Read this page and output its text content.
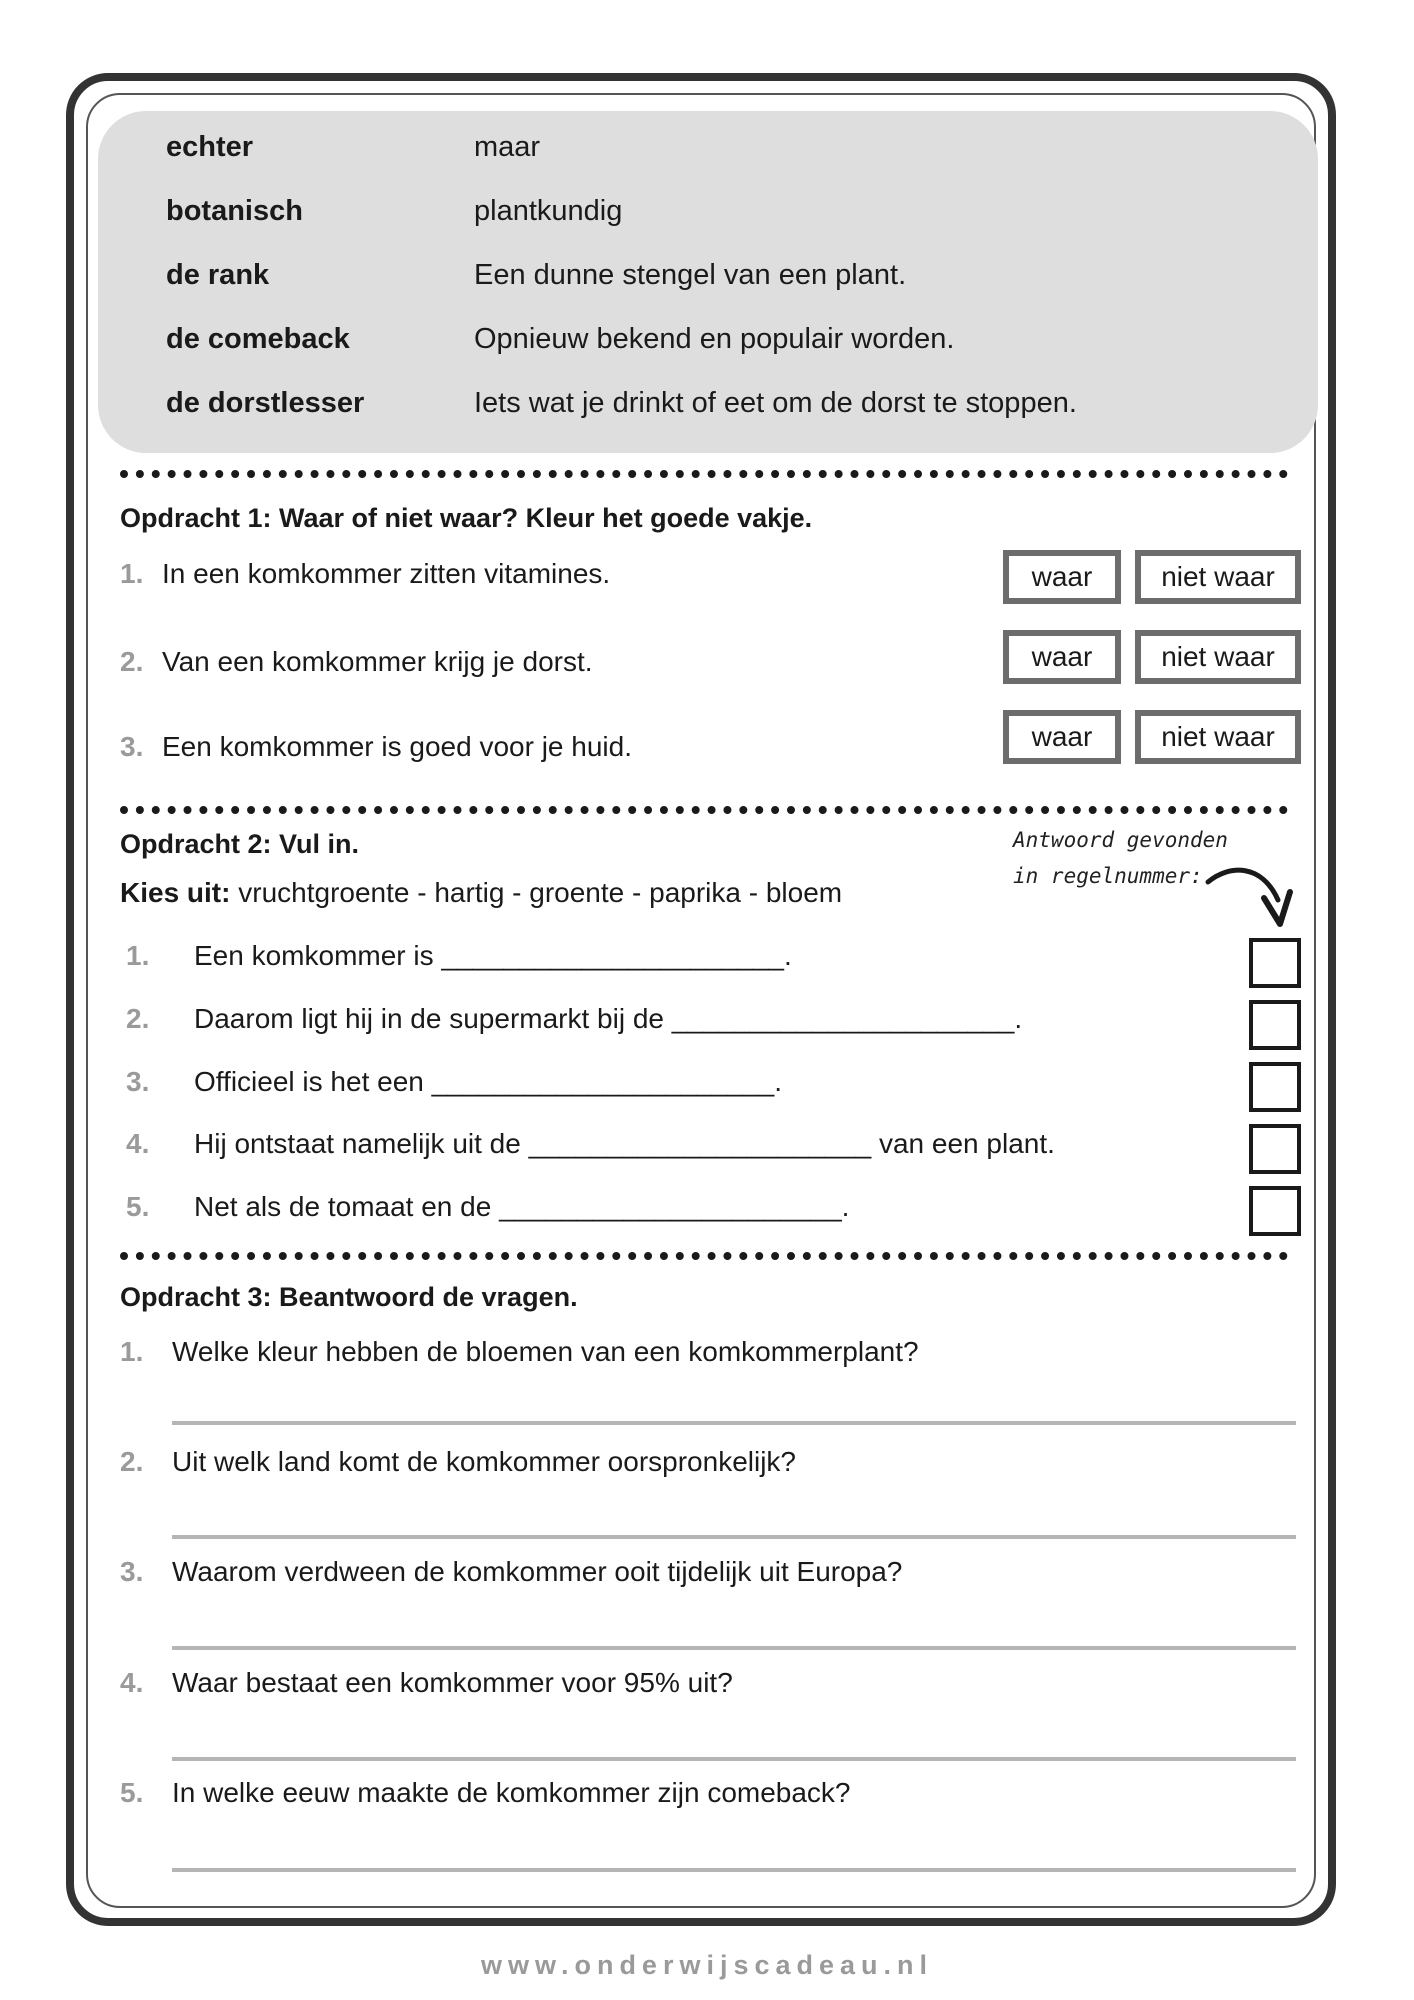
echter	maar
botanisch	plantkundig
de rank	Een dunne stengel van een plant.
de comeback	Opnieuw bekend en populair worden.
de dorstlesser	Iets wat je drinkt of eet om de dorst te stoppen.
Opdracht 1: Waar of niet waar? Kleur het goede vakje.
1. In een komkommer zitten vitamines.	waar	niet waar
2. Van een komkommer krijg je dorst.	waar	niet waar
3. Een komkommer is goed voor je huid.	waar	niet waar
Opdracht 2: Vul in.
Kies uit: vruchtgroente - hartig - groente - paprika - bloem
Antwoord gevonden
in regelnummer:
1. Een komkommer is ______________________.
2. Daarom ligt hij in de supermarkt bij de ______________________.
3. Officieel is het een ______________________.
4. Hij ontstaat namelijk uit de ______________________ van een plant.
5. Net als de tomaat en de ______________________.
Opdracht 3: Beantwoord de vragen.
1. Welke kleur hebben de bloemen van een komkommerplant?
2. Uit welk land komt de komkommer oorspronkelijk?
3. Waarom verdween de komkommer ooit tijdelijk uit Europa?
4. Waar bestaat een komkommer voor 95% uit?
5. In welke eeuw maakte de komkommer zijn comeback?
www.onderwijscadeau.nl
